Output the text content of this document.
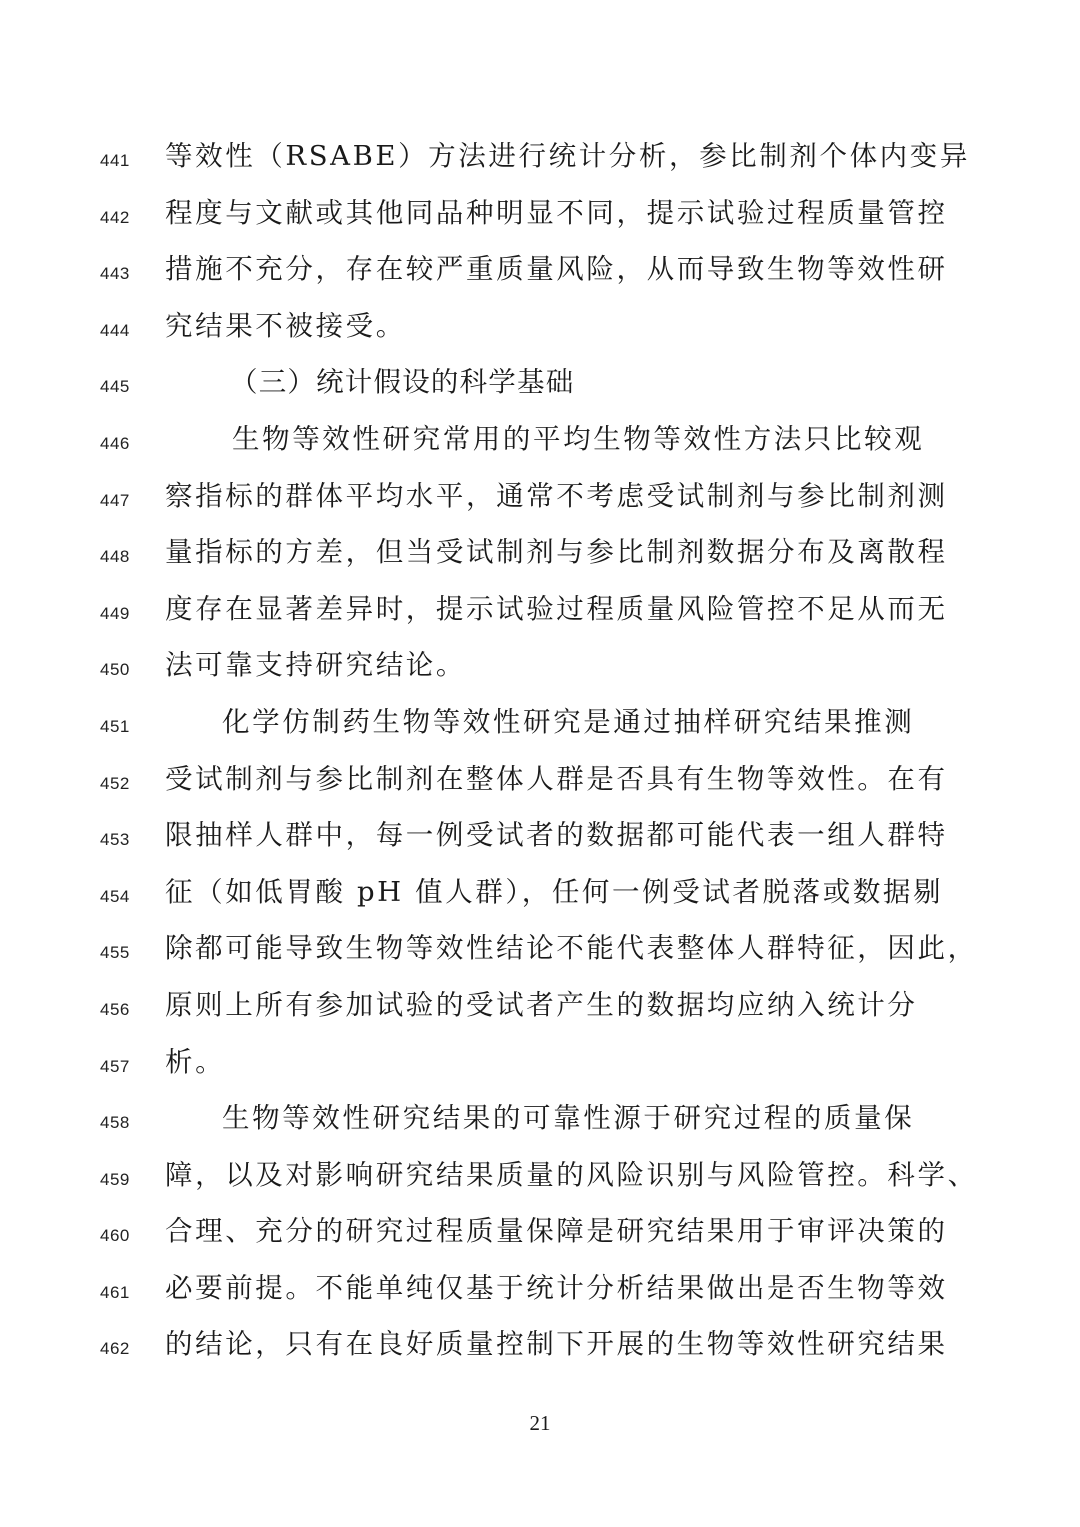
441	等效性（RSABE）方法进行统计分析，参比制剂个体内变异
442	程度与文献或其他同品种明显不同，提示试验过程质量管控
443	措施不充分，存在较严重质量风险，从而导致生物等效性研
444	究结果不被接受。
445	（三）统计假设的科学基础
446	生物等效性研究常用的平均生物等效性方法只比较观
447	察指标的群体平均水平，通常不考虑受试制剂与参比制剂测
448	量指标的方差，但当受试制剂与参比制剂数据分布及离散程
449	度存在显著差异时，提示试验过程质量风险管控不足从而无
450	法可靠支持研究结论。
451	化学仿制药生物等效性研究是通过抽样研究结果推测
452	受试制剂与参比制剂在整体人群是否具有生物等效性。在有
453	限抽样人群中，每一例受试者的数据都可能代表一组人群特
454	征（如低胃酸 pH 值人群），任何一例受试者脱落或数据剔
455	除都可能导致生物等效性结论不能代表整体人群特征，因此，
456	原则上所有参加试验的受试者产生的数据均应纳入统计分
457	析。
458	生物等效性研究结果的可靠性源于研究过程的质量保
459	障，以及对影响研究结果质量的风险识别与风险管控。科学、
460	合理、充分的研究过程质量保障是研究结果用于审评决策的
461	必要前提。不能单纯仅基于统计分析结果做出是否生物等效
462	的结论，只有在良好质量控制下开展的生物等效性研究结果
21
